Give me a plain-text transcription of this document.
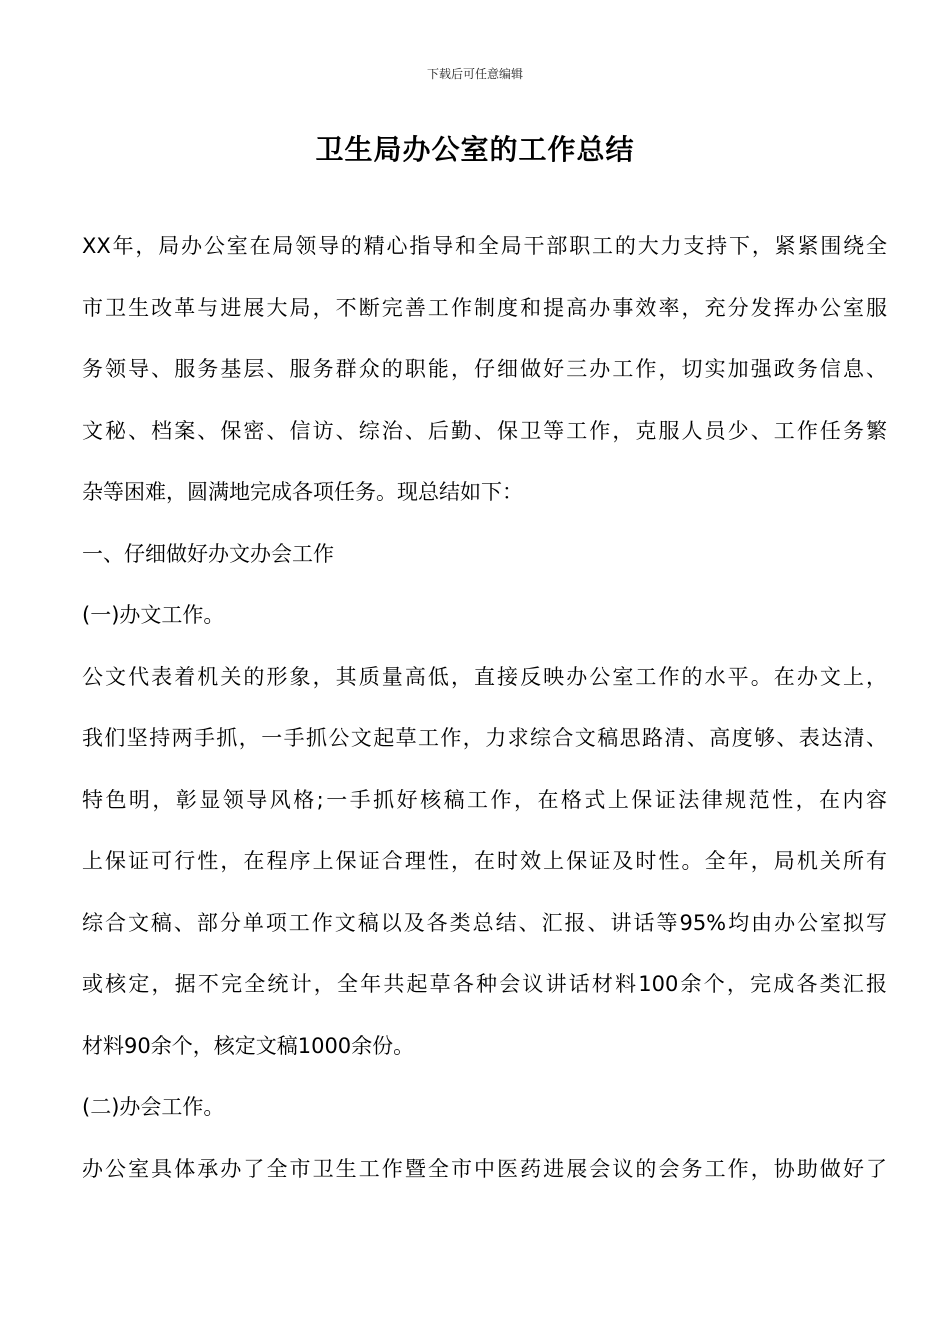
下载后可任意编辑
卫生局办公室的工作总结

XX年，局办公室在局领导的精心指导和全局干部职工的大力支持下，紧紧围绕全
市卫生改革与进展大局，不断完善工作制度和提高办事效率，充分发挥办公室服
务领导、服务基层、服务群众的职能，仔细做好三办工作，切实加强政务信息、
文秘、档案、保密、信访、综治、后勤、保卫等工作，克服人员少、工作任务繁
杂等困难，圆满地完成各项任务。现总结如下：

一、仔细做好办文办会工作
(一)办文工作。

公文代表着机关的形象，其质量高低，直接反映办公室工作的水平。在办文上，
我们坚持两手抓，一手抓公文起草工作，力求综合文稿思路清、高度够、表达清、
特色明，彰显领导风格;一手抓好核稿工作，在格式上保证法律规范性，在内容
上保证可行性，在程序上保证合理性，在时效上保证及时性。全年，局机关所有
综合文稿、部分单项工作文稿以及各类总结、汇报、讲话等95%均由办公室拟写
或核定，据不完全统计，全年共起草各种会议讲话材料100余个，完成各类汇报
材料90余个，核定文稿1000余份。

(二)办会工作。

办公室具体承办了全市卫生工作暨全市中医药进展会议的会务工作，协助做好了
